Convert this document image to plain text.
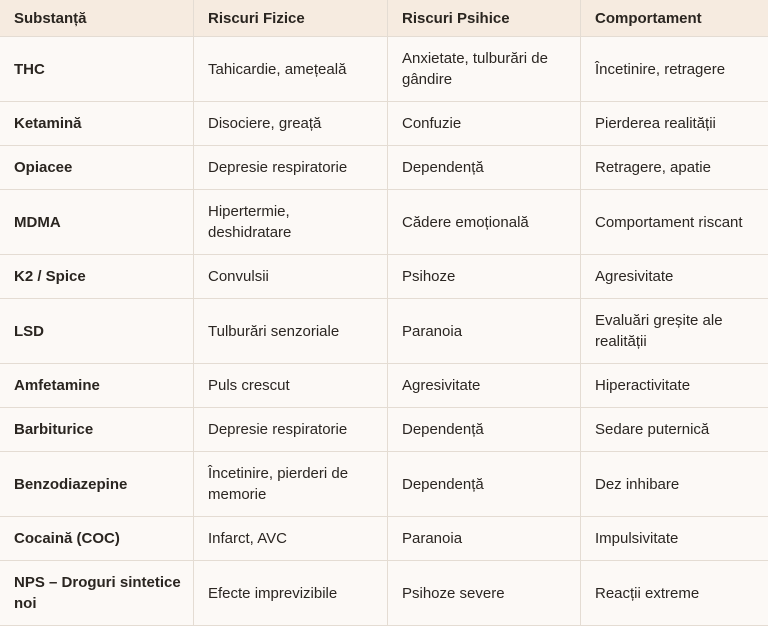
Substanță	Riscuri Fizice	Riscuri Psihice	Comportament
THC	Tahicardie, amețeală	Anxietate, tulburări de gândire	Încetinire, retragere
Ketamină	Disociere, greață	Confuzie	Pierderea realității
Opiacee	Depresie respiratorie	Dependență	Retragere, apatie
MDMA	Hipertermie, deshidratare	Cădere emoțională	Comportament riscant
K2 / Spice	Convulsii	Psihoze	Agresivitate
LSD	Tulburări senzoriale	Paranoia	Evaluări greșite ale realității
Amfetamine	Puls crescut	Agresivitate	Hiperactivitate
Barbiturice	Depresie respiratorie	Dependență	Sedare puternică
Benzodiazepine	Încetinire, pierderi de memorie	Dependență	Dez inhibare
Cocaină (COC)	Infarct, AVC	Paranoia	Impulsivitate
NPS – Droguri sintetice noi	Efecte imprevizibile	Psihoze severe	Reacții extreme
